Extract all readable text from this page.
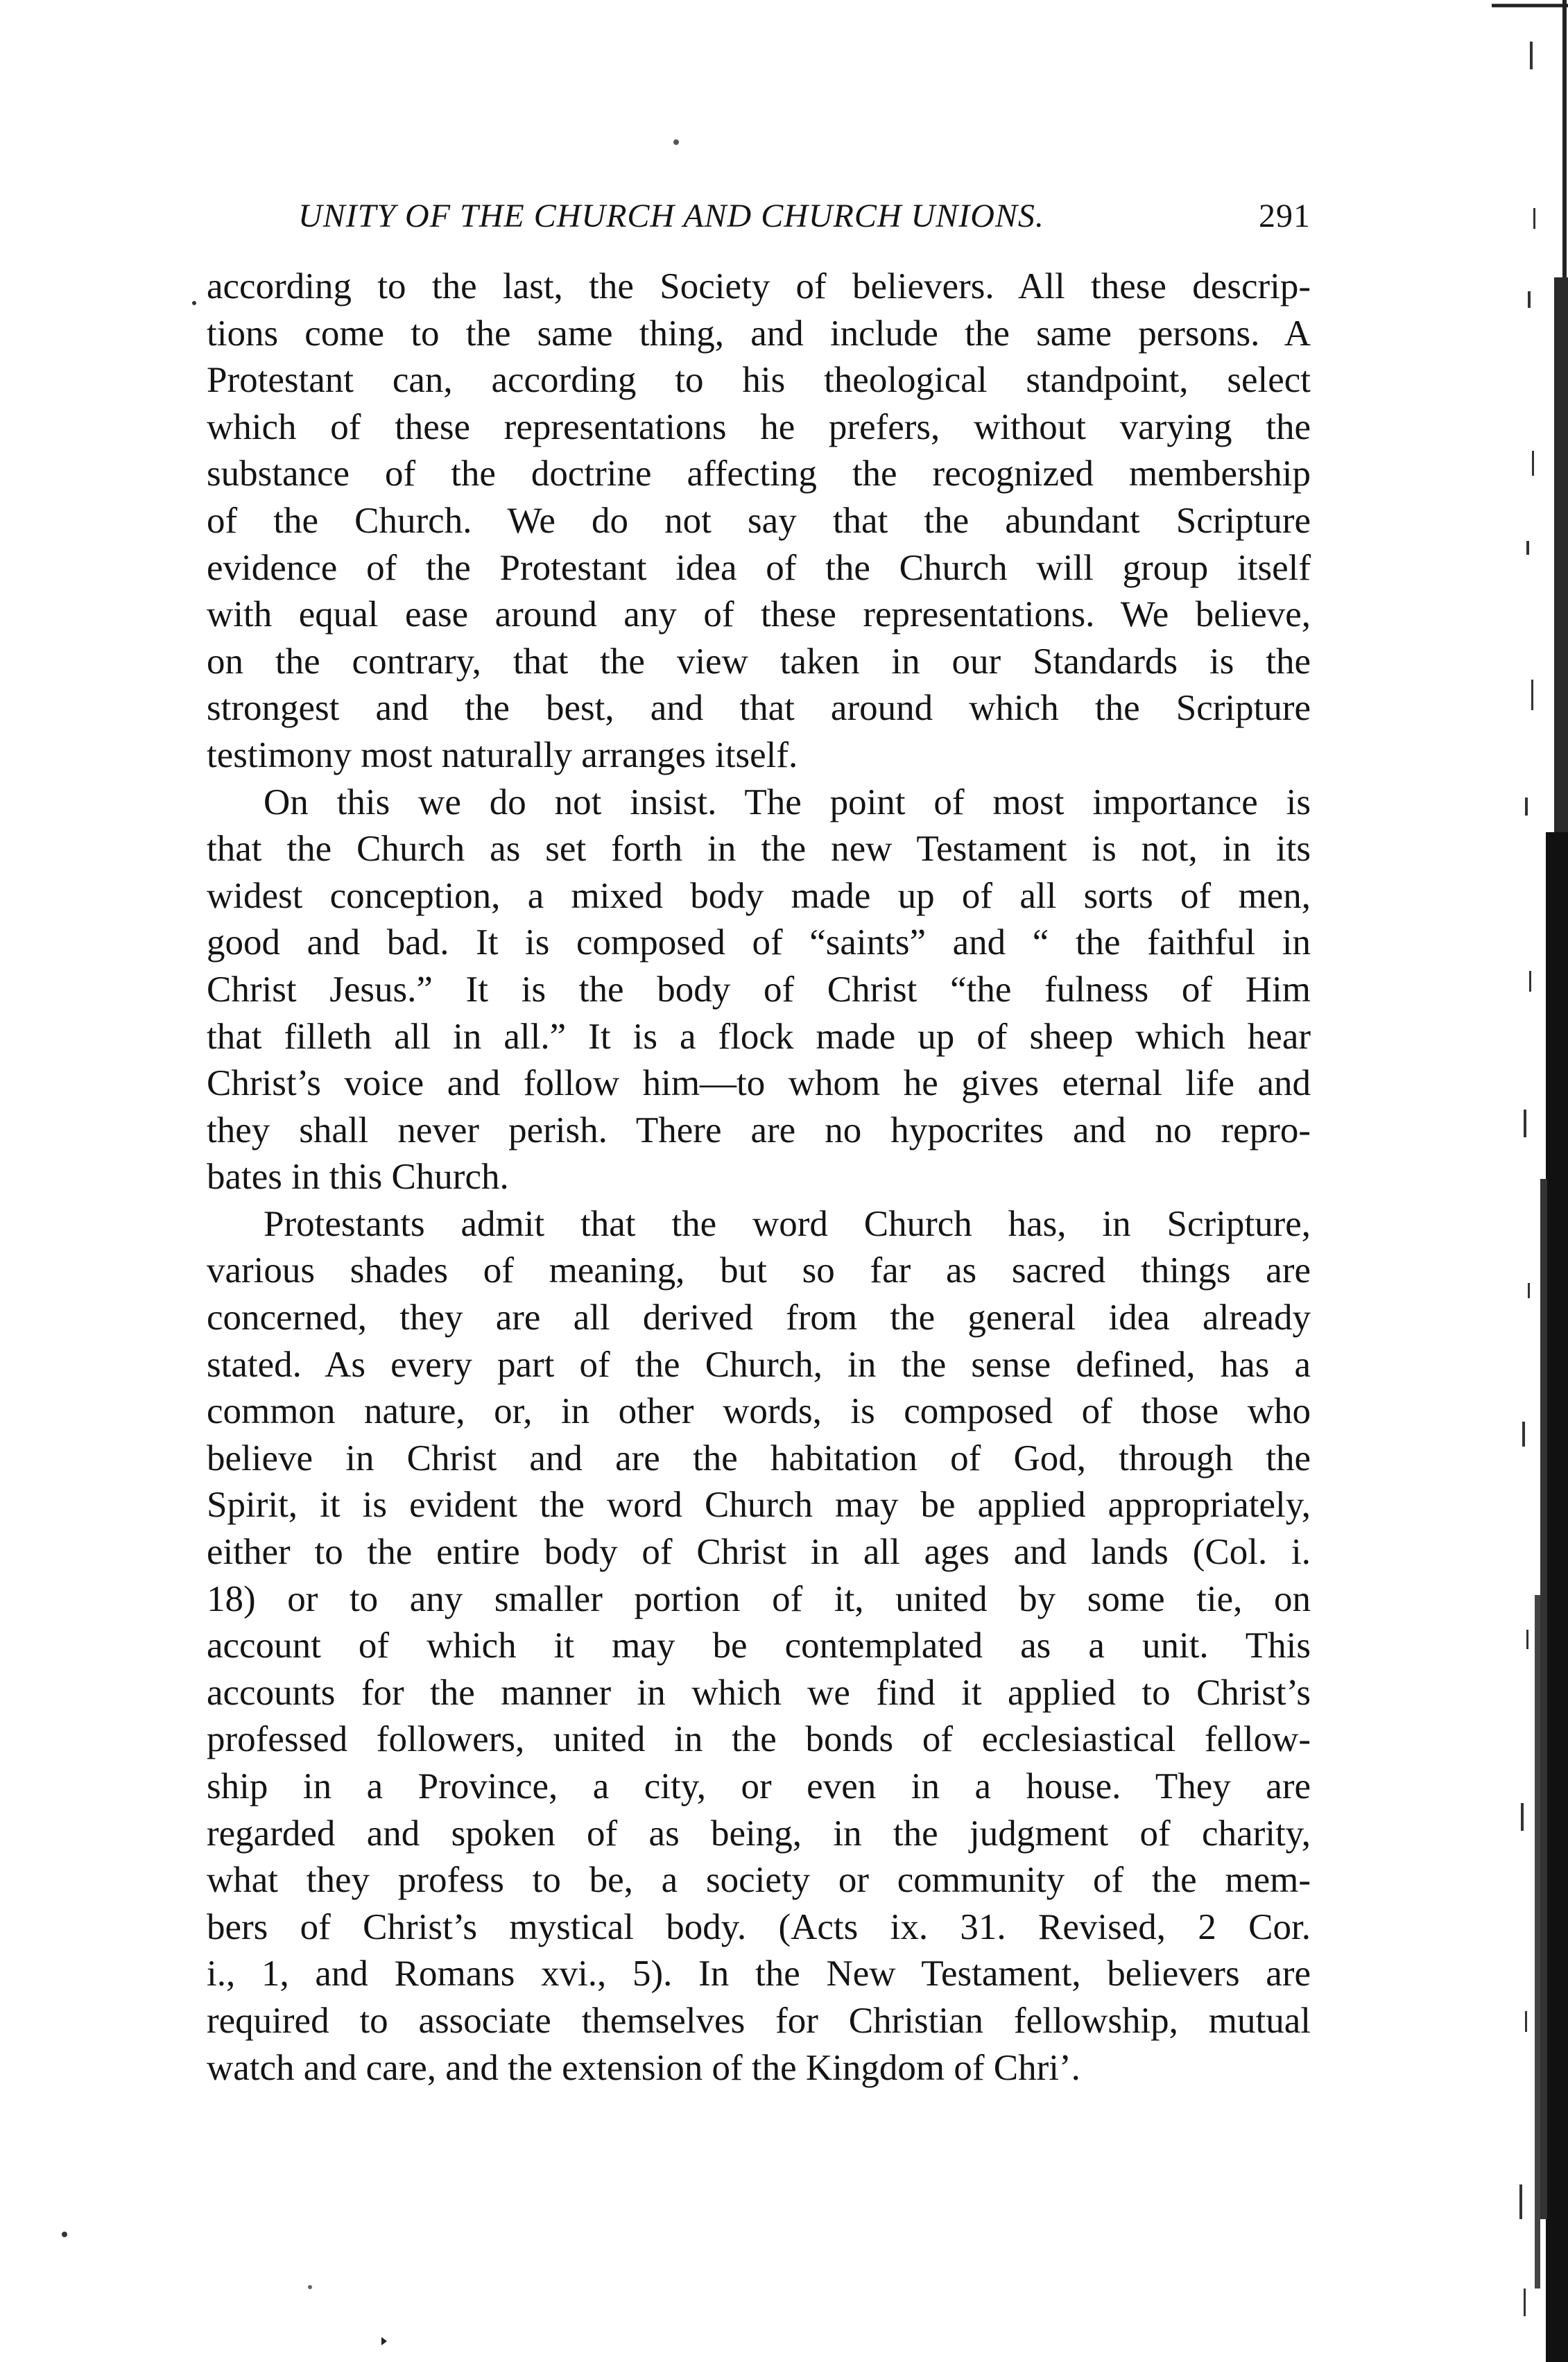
UNITY OF THE CHURCH AND CHURCH UNIONS.	291
according to the last, the Society of believers. All these descrip-
tions come to the same thing, and include the same persons. A
Protestant can, according to his theological standpoint, select
which of these representations he prefers, without varying the
substance of the doctrine affecting the recognized membership
of the Church. We do not say that the abundant Scripture
evidence of the Protestant idea of the Church will group itself
with equal ease around any of these representations. We believe,
on the contrary, that the view taken in our Standards is the
strongest and the best, and that around which the Scripture
testimony most naturally arranges itself.
On this we do not insist. The point of most importance is
that the Church as set forth in the new Testament is not, in its
widest conception, a mixed body made up of all sorts of men,
good and bad. It is composed of “saints” and “ the faithful in
Christ Jesus.” It is the body of Christ “the fulness of Him
that filleth all in all.” It is a flock made up of sheep which hear
Christ’s voice and follow him—to whom he gives eternal life and
they shall never perish. There are no hypocrites and no repro-
bates in this Church.
Protestants admit that the word Church has, in Scripture,
various shades of meaning, but so far as sacred things are
concerned, they are all derived from the general idea already
stated. As every part of the Church, in the sense defined, has a
common nature, or, in other words, is composed of those who
believe in Christ and are the habitation of God, through the
Spirit, it is evident the word Church may be applied appropriately,
either to the entire body of Christ in all ages and lands (Col. i.
18) or to any smaller portion of it, united by some tie, on
account of which it may be contemplated as a unit. This
accounts for the manner in which we find it applied to Christ’s
professed followers, united in the bonds of ecclesiastical fellow-
ship in a Province, a city, or even in a house. They are
regarded and spoken of as being, in the judgment of charity,
what they profess to be, a society or community of the mem-
bers of Christ’s mystical body. (Acts ix. 31. Revised, 2 Cor.
i., 1, and Romans xvi., 5). In the New Testament, believers are
required to associate themselves for Christian fellowship, mutual
watch and care, and the extension of the Kingdom of Chri’.
